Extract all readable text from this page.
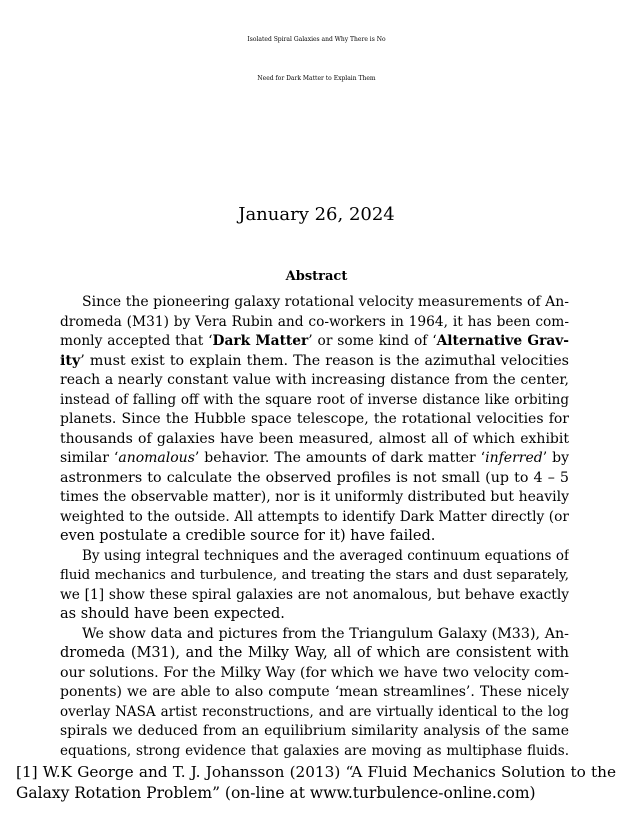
Isolated Spiral Galaxies and Why There is No
Need for Dark Matter to Explain Them
January 26, 2024
Abstract
Since the pioneering galaxy rotational velocity measurements of An-
dromeda (M31) by Vera Rubin and co-workers in 1964, it has been com-
monly accepted that ‘Dark Matter’ or some kind of ‘Alternative Grav-
ity’ must exist to explain them. The reason is the azimuthal velocities
reach a nearly constant value with increasing distance from the center,
instead of falling off with the square root of inverse distance like orbiting
planets. Since the Hubble space telescope, the rotational velocities for
thousands of galaxies have been measured, almost all of which exhibit
similar ‘anomalous’ behavior. The amounts of dark matter ‘inferred’ by
astronmers to calculate the observed profiles is not small (up to 4 – 5
times the observable matter), nor is it uniformly distributed but heavily
weighted to the outside. All attempts to identify Dark Matter directly (or
even postulate a credible source for it) have failed.
By using integral techniques and the averaged continuum equations of
fluid mechanics and turbulence, and treating the stars and dust separately,
we [1] show these spiral galaxies are not anomalous, but behave exactly
as should have been expected.
We show data and pictures from the Triangulum Galaxy (M33), An-
dromeda (M31), and the Milky Way, all of which are consistent with
our solutions. For the Milky Way (for which we have two velocity com-
ponents) we are able to also compute ‘mean streamlines’. These nicely
overlay NASA artist reconstructions, and are virtually identical to the log
spirals we deduced from an equilibrium similarity analysis of the same
equations, strong evidence that galaxies are moving as multiphase fluids.
[1] W.K George and T. J. Johansson (2013) “A Fluid Mechanics Solution to the
Galaxy Rotation Problem” (on-line at www.turbulence-online.com)
